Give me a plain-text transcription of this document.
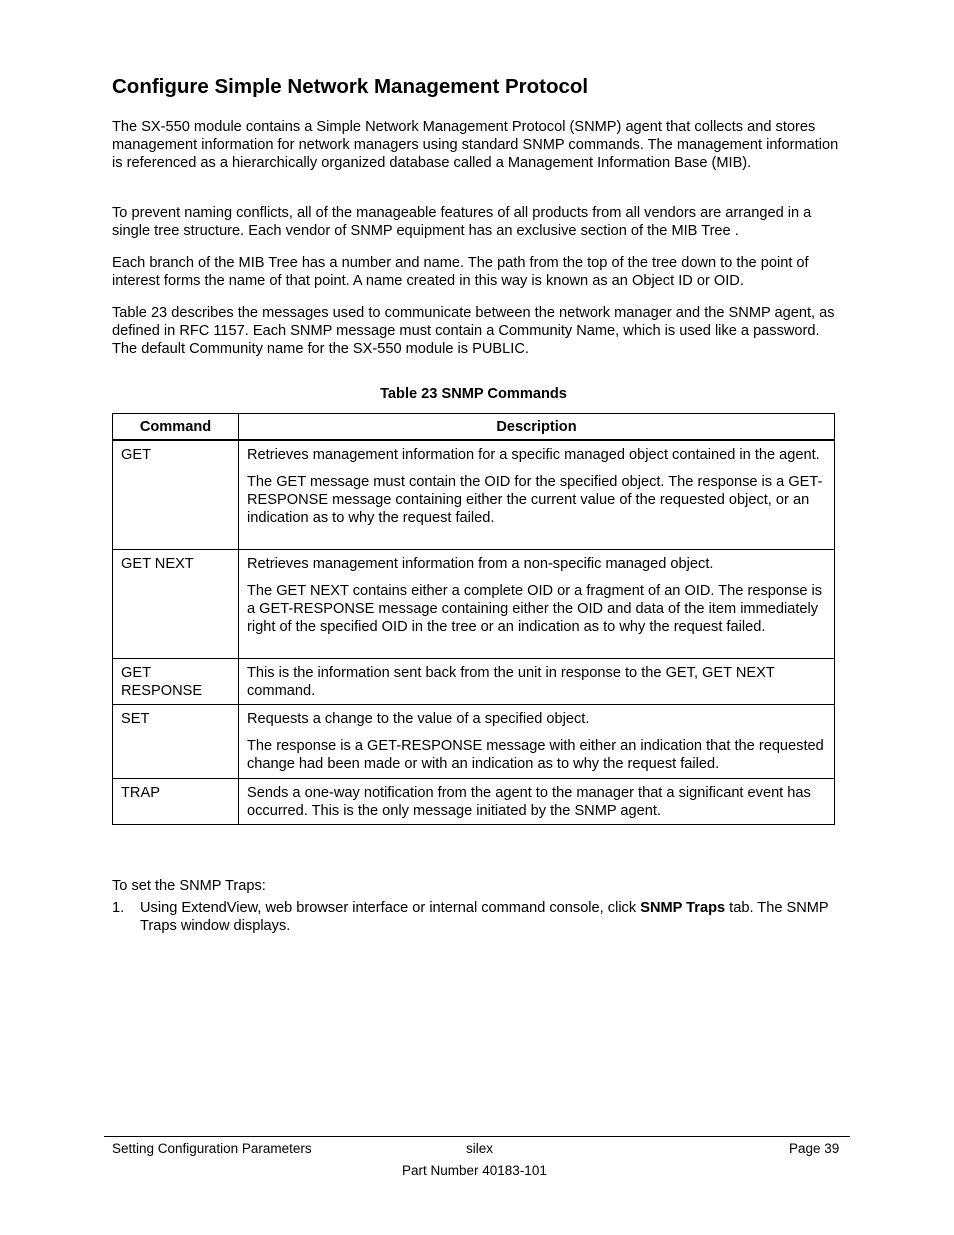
Configure Simple Network Management Protocol

The SX-550 module contains a Simple Network Management Protocol (SNMP) agent that collects and stores management information for network managers using standard SNMP commands. The management information is referenced as a hierarchically organized database called a Management Information Base (MIB).

To prevent naming conflicts, all of the manageable features of all products from all vendors are arranged in a single tree structure. Each vendor of SNMP equipment has an exclusive section of the MIB Tree .

Each branch of the MIB Tree has a number and name. The path from the top of the tree down to the point of interest forms the name of that point. A name created in this way is known as an Object ID or OID.

Table 23 describes the messages used to communicate between the network manager and the SNMP agent, as defined in RFC 1157. Each SNMP message must contain a Community Name, which is used like a password. The default Community name for the SX-550 module is PUBLIC.

Table 23 SNMP Commands

Command	Description
GET	Retrieves management information for a specific managed object contained in the agent.

The GET message must contain the OID for the specified object. The response is a GET-RESPONSE message containing either the current value of the requested object, or an indication as to why the request failed.

GET NEXT	Retrieves management information from a non-specific managed object.

The GET NEXT contains either a complete OID or a fragment of an OID. The response is a GET-RESPONSE message containing either the OID and data of the item immediately right of the specified OID in the tree or an indication as to why the request failed.

GET RESPONSE	This is the information sent back from the unit in response to the GET, GET NEXT command.

SET	Requests a change to the value of a specified object.

The response is a GET-RESPONSE message with either an indication that the requested change had been made or with an indication as to why the request failed.

TRAP	Sends a one-way notification from the agent to the manager that a significant event has occurred. This is the only message initiated by the SNMP agent.

To set the SNMP Traps:

1. Using ExtendView, web browser interface or internal command console, click SNMP Traps tab. The SNMP Traps window displays.
Setting Configuration Parameters	silex	Page 39
Part Number 40183-101
